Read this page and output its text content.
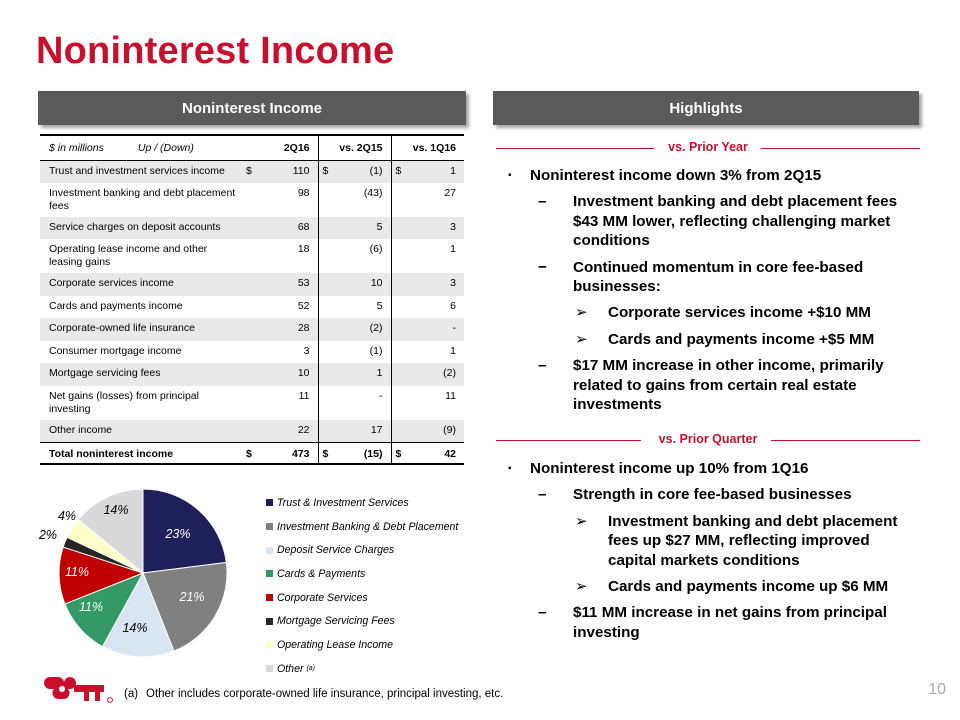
Noninterest Income
Noninterest Income	Highlights
$ in millions Up / (Down)	2Q16		vs. 2Q15		vs. 1Q16	
Trust and investment services income	$	110	$	(1)	$	1
Investment banking and debt placement fees		98		(43)		27
Service charges on deposit accounts		68		5		3
Operating lease income and other leasing gains		18		(6)		1
Corporate services income		53		10		3
Cards and payments income		52		5		6
Corporate-owned life insurance		28		(2)		-
Consumer mortgage income		3		(1)		1
Mortgage servicing fees		10		1		(2)
Net gains (losses) from principal investing		11		-		11
Other income		22		17		(9)
Total noninterest income	$	473	$	(15)	$	42
23%
21%
14%
11%
11%
2%
4% 14%
Trust & Investment Services
Investment Banking & Debt Placement
Deposit Service Charges
Cards & Payments
Corporate Services
Mortgage Servicing Fees
Operating Lease Income
Other
(a)
vs. Prior Year
▪	Noninterest income down 3% from 2Q15
–	Investment banking and debt placement fees $43 MM lower, reflecting challenging market conditions
−	Continued momentum in core fee-based businesses:
➢	Corporate services income +$10 MM
➢	Cards and payments income +$5 MM
–	$17 MM increase in other income, primarily related to gains from certain real estate investments
vs. Prior Quarter
▪	Noninterest income up 10% from 1Q16
–	Strength in core fee-based businesses
➢	Investment banking and debt placement fees up $27 MM, reflecting improved capital markets conditions
➢	Cards and payments income up $6 MM
–	$11 MM increase in net gains from principal investing
(a) Other includes corporate-owned life insurance, principal investing, etc.	10
